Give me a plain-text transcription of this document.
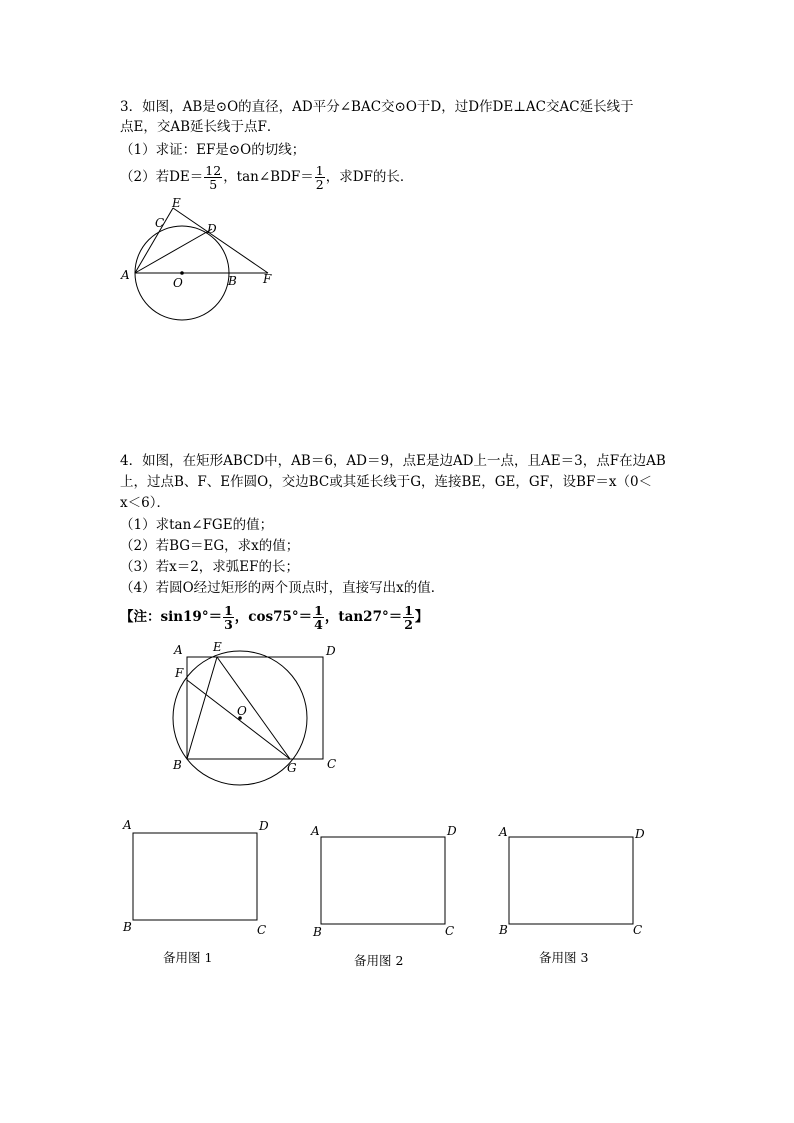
3．如图，AB是⊙O的直径，AD平分∠BAC交⊙O于D，过D作DE⊥AC交AC延长线于
点E，交AB延长线于点F．
（1）求证：EF是⊙O的切线；
（2）若$DE= \frac{12}{5}$ ，tan∠BDF＝ $\frac{1}{2}$ ，求DF的长．
E
C	D
A
O	B F
4．如图，在矩形ABCD中，AB＝6，AD＝9，点E是边AD上一点，且AE＝3，点F在边AB
上，过点B、F、E作圆O，交边BC或其延长线于G，连接BE，GE，GF，设BF＝x（0＜
x＜6）．
（1）求tan∠FGE的值；
（2）若BG＝EG，求x的值；
（3）若x＝2，求弧EF的长；
（4）若圆O经过矩形的两个顶点时，直接写出x的值．
【注：$\sin 19^\circ= \frac{1}{3}$ ，$\cos 75^\circ= \frac{1}{4}$ ，$\tan 27^\circ= \frac{1}{2}$ 】
A	E	D
F
O
B	G	C
A	D
B	C
备用图 1
A	D
B	C
备用图 2
A	D
B	C
备用图 3
